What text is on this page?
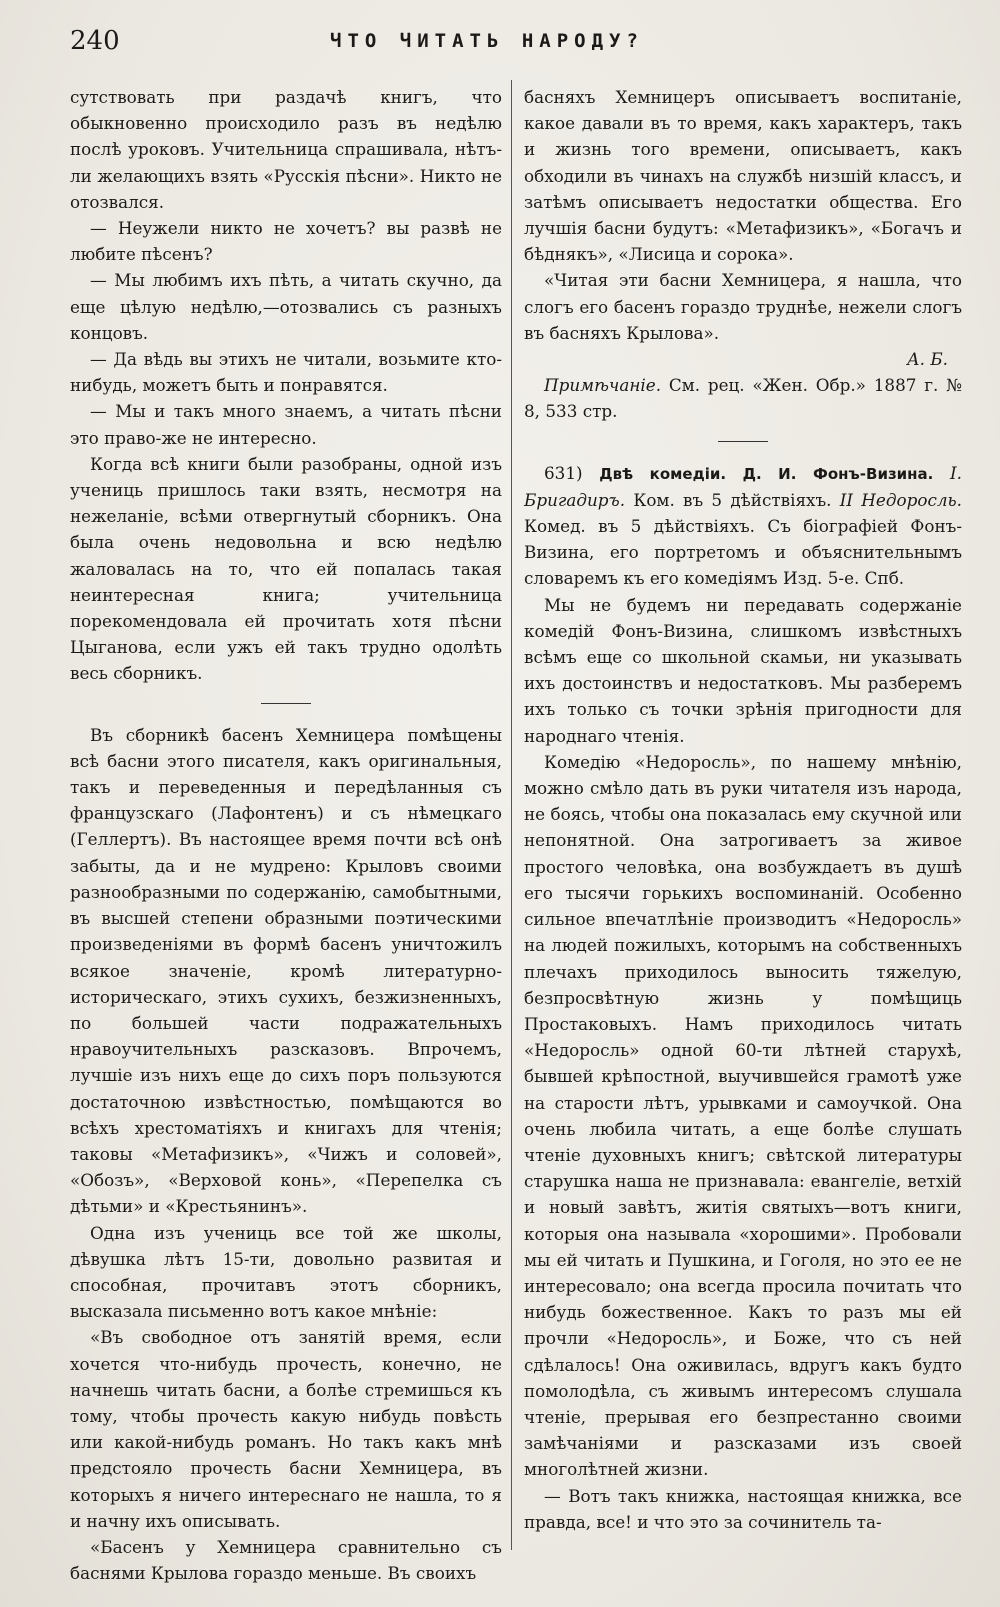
240	ЧТО ЧИТАТЬ НАРОДУ?

сутствовать при раздачѣ книгъ, что обыкновенно происходило разъ въ недѣлю послѣ уроковъ. Учительница спрашивала, нѣтъ-ли желающихъ взять «Русскія пѣсни». Никто не отозвался.

— Неужели никто не хочетъ? вы развѣ не любите пѣсенъ?

— Мы любимъ ихъ пѣть, а читать скучно, да еще цѣлую недѣлю,—отозвались съ разныхъ концовъ.

— Да вѣдь вы этихъ не читали, возьмите кто-нибудь, можетъ быть и понравятся.

— Мы и такъ много знаемъ, а читать пѣсни это право-же не интересно.

Когда всѣ книги были разобраны, одной изъ учениць пришлось таки взять, несмотря на нежеланіе, всѣми отвергнутый сборникъ. Она была очень недовольна и всю недѣлю жаловалась на то, что ей попалась такая неинтересная книга; учительница порекомендовала ей прочитать хотя пѣсни Цыганова, если ужъ ей такъ трудно одолѣть весь сборникъ.

Въ сборникѣ басенъ Хемницера помѣщены всѣ басни этого писателя, какъ оригинальныя, такъ и переведенныя и передѣланныя съ французскаго (Лафонтенъ) и съ нѣмецкаго (Геллертъ). Въ настоящее время почти всѣ онѣ забыты, да и не мудрено: Крыловъ своими разнообразными по содержанію, самобытными, въ высшей степени образными поэтическими произведеніями въ формѣ басенъ уничтожилъ всякое значеніе, кромѣ литературно-историческаго, этихъ сухихъ, безжизненныхъ, по большей части подражательныхъ нравоучительныхъ разсказовъ. Впрочемъ, лучшіе изъ нихъ еще до сихъ поръ пользуются достаточною извѣстностью, помѣщаются во всѣхъ хрестоматіяхъ и книгахъ для чтенія; таковы «Метафизикъ», «Чижъ и соловей», «Обозъ», «Верховой конь», «Перепелка съ дѣтьми» и «Крестьянинъ».

Одна изъ учениць все той же школы, дѣвушка лѣтъ 15-ти, довольно развитая и способная, прочитавъ этотъ сборникъ, высказала письменно вотъ какое мнѣніе:

«Въ свободное отъ занятій время, если хочется что-нибудь прочесть, конечно, не начнешь читать басни, а болѣе стремишься къ тому, чтобы прочесть какую нибудь повѣсть или какой-нибудь романъ. Но такъ какъ мнѣ предстояло прочесть басни Хемницера, въ которыхъ я ничего интереснаго не нашла, то я и начну ихъ описывать.

«Басенъ у Хемницера сравнительно съ баснями Крылова гораздо меньше. Въ своихъ

басняхъ Хемницеръ описываетъ воспитаніе, какое давали въ то время, какъ характеръ, такъ и жизнь того времени, описываетъ, какъ обходили въ чинахъ на службѣ низшій классъ, и затѣмъ описываетъ недостатки общества. Его лучшія басни будутъ: «Метафизикъ», «Богачъ и бѣднякъ», «Лисица и сорока».

«Читая эти басни Хемницера, я нашла, что слогъ его басенъ гораздо труднѣе, нежели слогъ въ басняхъ Крылова».

А. Б.

Примѣчаніе. См. рец. «Жен. Обр.» 1887 г. № 8, 533 стр.

631) Двѣ комедіи. Д. И. Фонъ-Визина. I. Бригадиръ. Ком. въ 5 дѣйствіяхъ. II Недоросль. Комед. въ 5 дѣйствіяхъ. Съ біографіей Фонъ-Визина, его портретомъ и объяснительнымъ словаремъ къ его комедіямъ Изд. 5-е. Спб.

Мы не будемъ ни передавать содержаніе комедій Фонъ-Визина, слишкомъ извѣстныхъ всѣмъ еще со школьной скамьи, ни указывать ихъ достоинствъ и недостатковъ. Мы разберемъ ихъ только съ точки зрѣнія пригодности для народнаго чтенія.

Комедію «Недоросль», по нашему мнѣнію, можно смѣло дать въ руки читателя изъ народа, не боясь, чтобы она показалась ему скучной или непонятной. Она затрогиваетъ за живое простого человѣка, она возбуждаетъ въ душѣ его тысячи горькихъ воспоминаній. Особенно сильное впечатлѣніе производитъ «Недоросль» на людей пожилыхъ, которымъ на собственныхъ плечахъ приходилось выносить тяжелую, безпросвѣтную жизнь у помѣщиць Простаковыхъ. Намъ приходилось читать «Недоросль» одной 60-ти лѣтней старухѣ, бывшей крѣпостной, выучившейся грамотѣ уже на старости лѣтъ, урывками и самоучкой. Она очень любила читать, а еще болѣе слушать чтеніе духовныхъ книгъ; свѣтской литературы старушка наша не признавала: евангеліе, ветхій и новый завѣтъ, житія святыхъ—вотъ книги, которыя она называла «хорошими». Пробовали мы ей читать и Пушкина, и Гоголя, но это ее не интересовало; она всегда просила почитать что нибудь божественное. Какъ то разъ мы ей прочли «Недоросль», и Боже, что съ ней сдѣлалось! Она оживилась, вдругъ какъ будто помолодѣла, съ живымъ интересомъ слушала чтеніе, прерывая его безпрестанно своими замѣчаніями и разсказами изъ своей многолѣтней жизни.

— Вотъ такъ книжка, настоящая книжка, все правда, все! и что это за сочинитель та-
